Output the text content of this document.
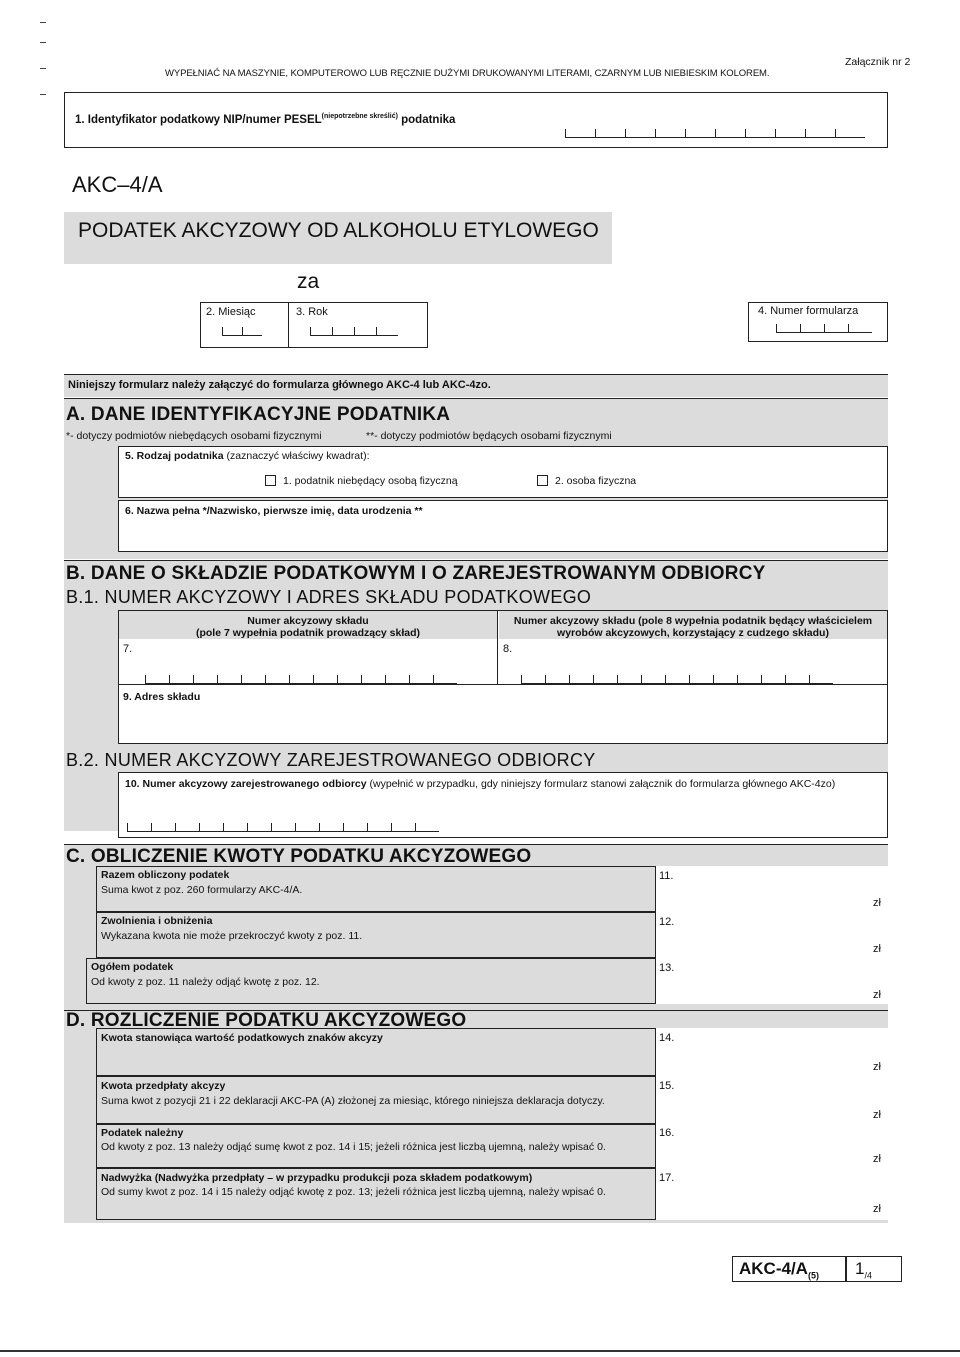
WYPEŁNIAĆ NA MASZYNIE, KOMPUTEROWO LUB RĘCZNIE DUŻYMI DRUKOWANYMI LITERAMI, CZARNYM LUB NIEBIESKIM KOLOREM.
Załącznik nr 2
1. Identyfikator podatkowy NIP/numer $PESEL^{(niepotrzebne skreślić)}$ podatnika
AKC–4/A
PODATEK AKCYZOWY OD ALKOHOLU ETYLOWEGO
za
2. Miesiąc	3. Rok	4. Numer formularza
Niniejszy formularz należy załączyć do formularza głównego AKC-4 lub AKC-4zo.
A. DANE IDENTYFIKACYJNE PODATNIKA
*- dotyczy podmiotów niebędących osobami fizycznymi	**- dotyczy podmiotów będących osobami fizycznymi
5. Rodzaj podatnika (zaznaczyć właściwy kwadrat):
1. podatnik niebędący osobą fizyczną	2. osoba fizyczna
6. Nazwa pełna */Nazwisko, pierwsze imię, data urodzenia **
B. DANE O SKŁADZIE PODATKOWYM I O ZAREJESTROWANYM ODBIORCY
B.1. NUMER AKCYZOWY I ADRES SKŁADU PODATKOWEGO
Numer akcyzowy składu
(pole 7 wypełnia podatnik prowadzący skład)
7.
Numer akcyzowy składu (pole 8 wypełnia podatnik będący właścicielem
wyrobów akcyzowych, korzystający z cudzego składu)
8.
9. Adres składu
B.2. NUMER AKCYZOWY ZAREJESTROWANEGO ODBIORCY
10. Numer akcyzowy zarejestrowanego odbiorcy (wypełnić w przypadku, gdy niniejszy formularz stanowi załącznik do formularza głównego AKC-4zo)
C. OBLICZENIE KWOTY PODATKU AKCYZOWEGO
Razem obliczony podatek
Suma kwot z poz. 260 formularzy AKC-4/A.
11.
zł
Zwolnienia i obniżenia
Wykazana kwota nie może przekroczyć kwoty z poz. 11.
12.
zł
Ogółem podatek
Od kwoty z poz. 11 należy odjąć kwotę z poz. 12.
13.
zł
D. ROZLICZENIE PODATKU AKCYZOWEGO
Kwota stanowiąca wartość podatkowych znaków akcyzy	14.
zł
Kwota przedpłaty akcyzy
Suma kwot z pozycji 21 i 22 deklaracji AKC-PA (A) złożonej za miesiąc, którego niniejsza deklaracja dotyczy.
15.
zł
Podatek należny
Od kwoty z poz. 13 należy odjąć sumę kwot z poz. 14 i 15; jeżeli różnica jest liczbą ujemną, należy wpisać 0.
16.
zł
Nadwyżka (Nadwyżka przedpłaty – w przypadku produkcji poza składem podatkowym)
Od sumy kwot z poz. 14 i 15 należy odjąć kwotę z poz. 13; jeżeli różnica jest liczbą ujemną, należy wpisać 0.
17.
zł
AKC-$4/A_{(5)}$ $1_{/4}$
